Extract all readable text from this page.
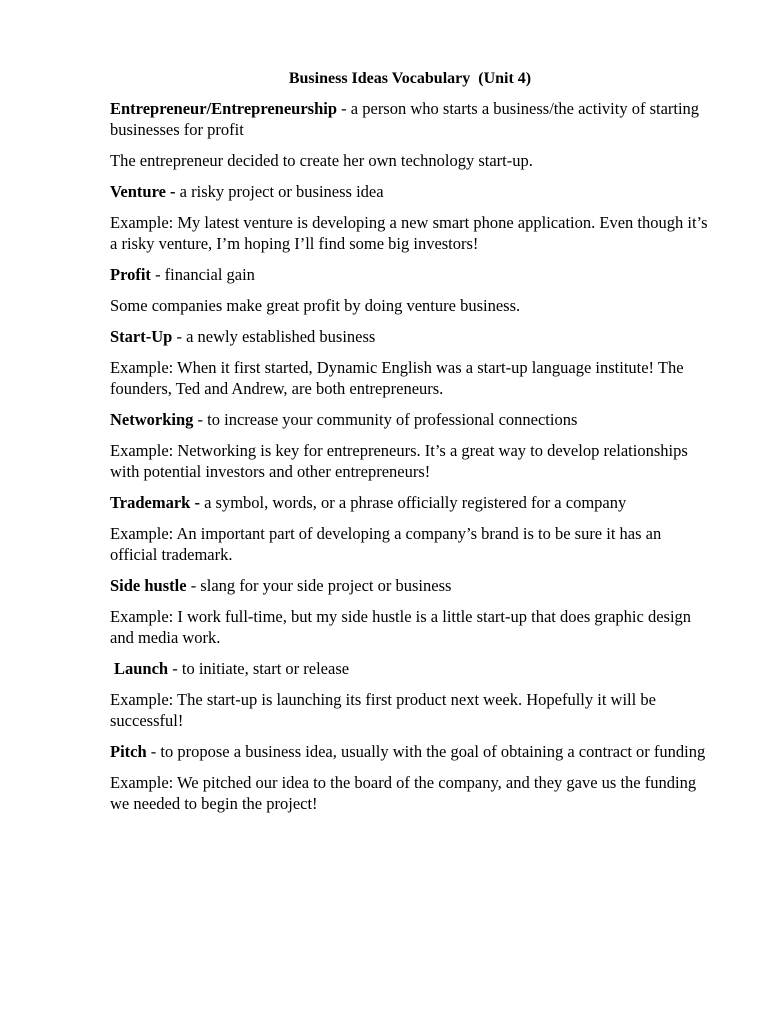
Business Ideas Vocabulary  (Unit 4)

Entrepreneur/Entrepreneurship - a person who starts a business/the activity of starting businesses for profit

The entrepreneur decided to create her own technology start-up.

Venture - a risky project or business idea

Example: My latest venture is developing a new smart phone application. Even though it’s a risky venture, I’m hoping I’ll find some big investors!

Profit - financial gain

Some companies make great profit by doing venture business.

Start-Up - a newly established business

Example: When it first started, Dynamic English was a start-up language institute! The founders, Ted and Andrew, are both entrepreneurs.

Networking - to increase your community of professional connections

Example: Networking is key for entrepreneurs. It’s a great way to develop relationships with potential investors and other entrepreneurs!

Trademark - a symbol, words, or a phrase officially registered for a company

Example: An important part of developing a company’s brand is to be sure it has an official trademark.

Side hustle - slang for your side project or business

Example: I work full-time, but my side hustle is a little start-up that does graphic design and media work.

Launch - to initiate, start or release

Example: The start-up is launching its first product next week. Hopefully it will be successful!

Pitch - to propose a business idea, usually with the goal of obtaining a contract or funding

Example: We pitched our idea to the board of the company, and they gave us the funding we needed to begin the project!
